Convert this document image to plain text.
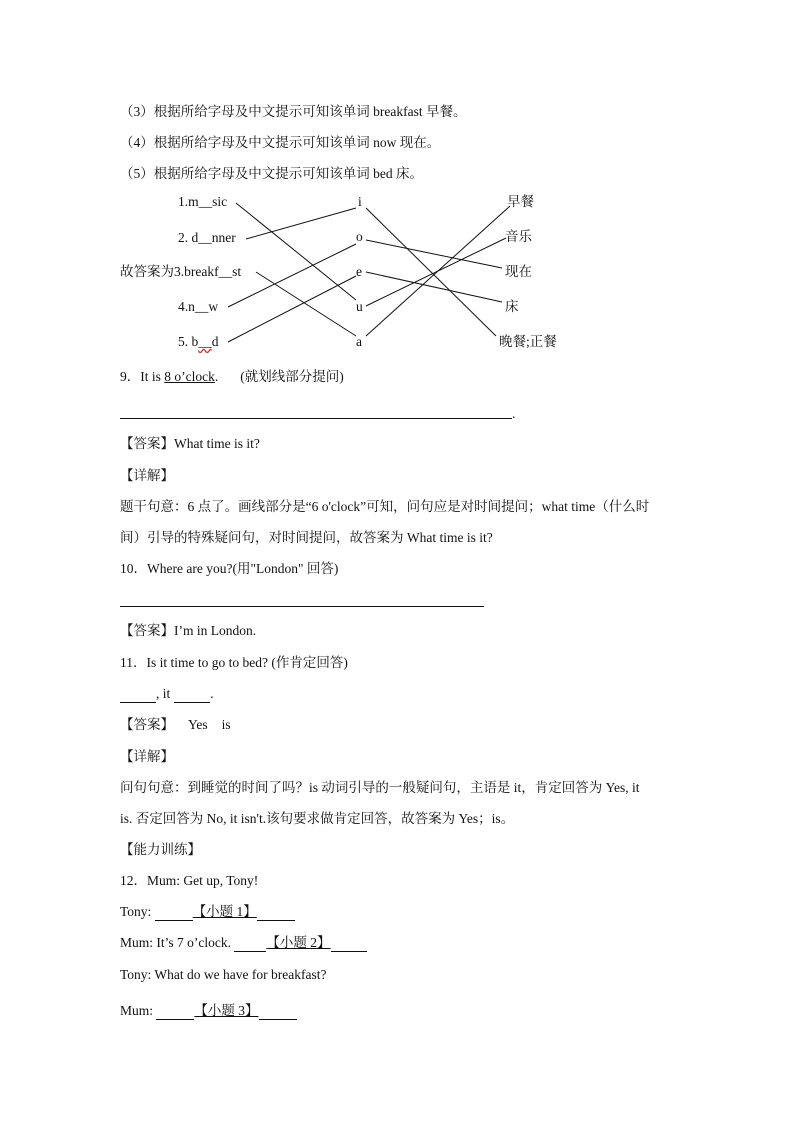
（3）根据所给字母及中文提示可知该单词 breakfast 早餐。
（4）根据所给字母及中文提示可知该单词 now 现在。
（5）根据所给字母及中文提示可知该单词 bed 床。
1.m__sic
2. d__nner
故答案为3.breakf__st
4.n__w
5. b__d
i
o
e
u
a
早餐
音乐
现在
床
晚餐;正餐
9．It is 8 o’clock. (就划线部分提问)
.
【答案】What time is it?
【详解】
题干句意：6 点了。画线部分是“6 o'clock”可知，问句应是对时间提问；what time（什么时
间）引导的特殊疑问句，对时间提问，故答案为 What time is it?
10．Where are you?(用"London" 回答)
【答案】I’m in London.
11．Is it time to go to bed? (作肯定回答)
, it	.
【答案】 Yes is
【详解】
问句句意：到睡觉的时间了吗？is 动词引导的一般疑问句，主语是 it，肯定回答为 Yes, it
is. 否定回答为 No, it isn't.该句要求做肯定回答，故答案为 Yes；is。
【能力训练】
12．Mum: Get up, Tony!
Tony:	【小题 1】
Mum: It’s 7 o’clock. 【小题 2】
Tony: What do we have for breakfast?
Mum:	【小题 3】
